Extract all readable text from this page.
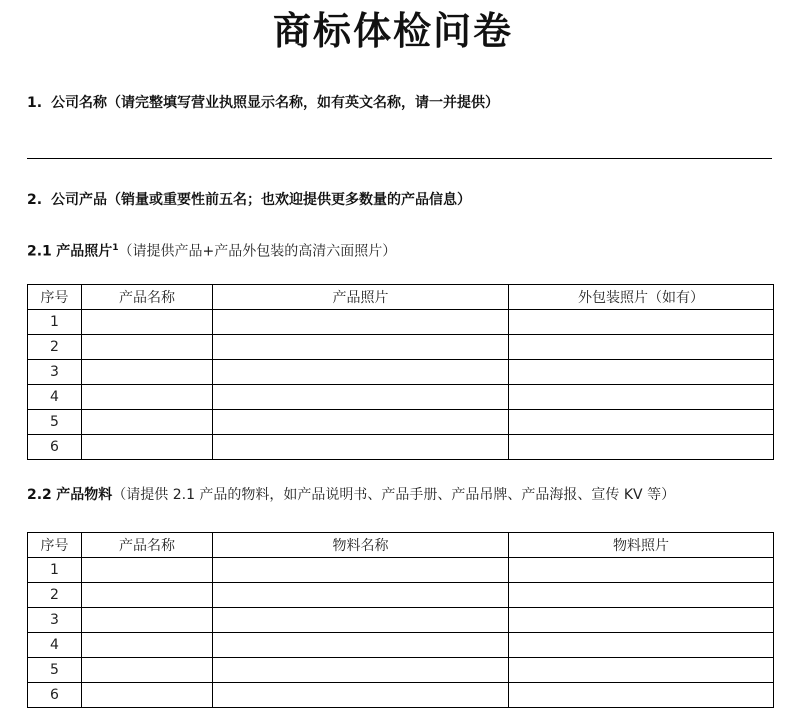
商标体检问卷
1. 公司名称（请完整填写营业执照显示名称，如有英文名称，请一并提供）
2. 公司产品（销量或重要性前五名；也欢迎提供更多数量的产品信息）
2.1 产品照片$^1$（请提供产品+产品外包装的高清六面照片）
序号	产品名称	产品照片	外包装照片（如有）
1			
2			
3			
4			
5			
6			
2.2 产品物料（请提供 2.1 产品的物料，如产品说明书、产品手册、产品吊牌、产品海报、宣传 KV 等）
序号	产品名称	物料名称	物料照片
1			
2			
3			
4			
5			
6			
